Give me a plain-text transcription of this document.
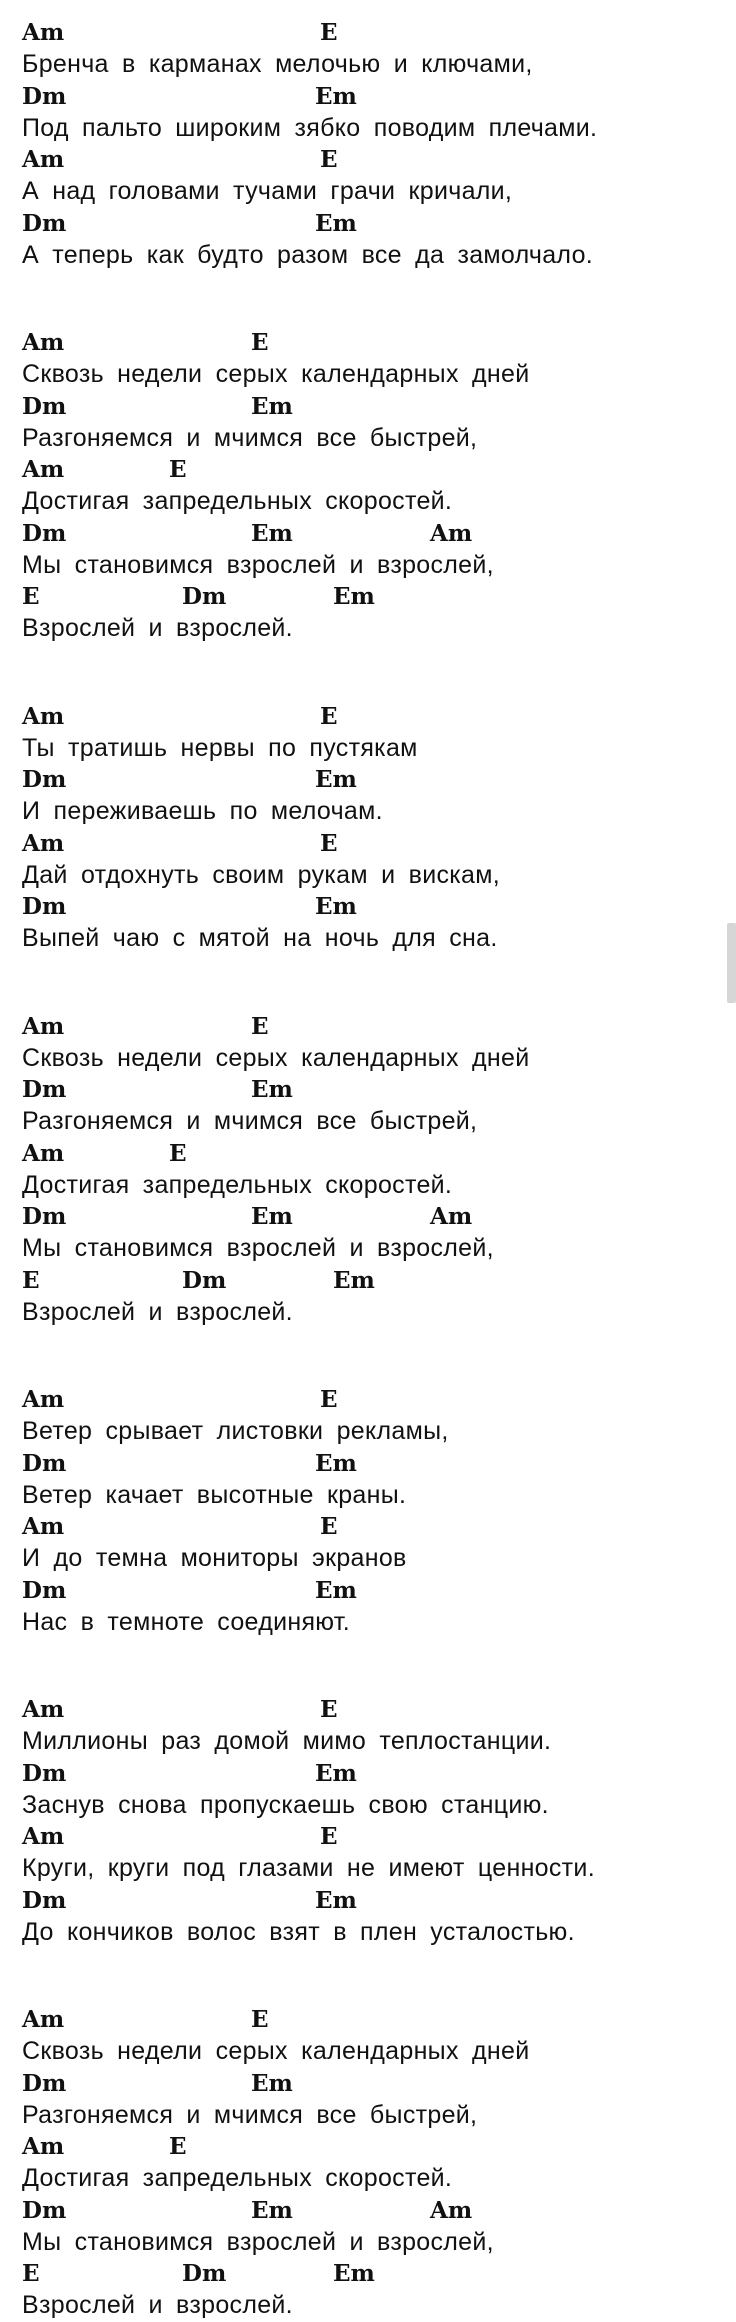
Am	E
Бренча в карманах мелочью и ключами,
Dm	Em
Под пальто широким зябко поводим плечами.
Am	E
А над головами тучами грачи кричали,
Dm	Em
А теперь как будто разом все да замолчало.
Am	E
Сквозь недели серых календарных дней
Dm	Em
Разгоняемся и мчимся все быстрей,
Am	E
Достигая запредельных скоростей.
Dm	Em	Am
Мы становимся взрослей и взрослей,
E	Dm	Em
Взрослей и взрослей.
Am	E
Ты тратишь нервы по пустякам
Dm	Em
И переживаешь по мелочам.
Am	E
Дай отдохнуть своим рукам и вискам,
Dm	Em
Выпей чаю с мятой на ночь для сна.
Am	E
Сквозь недели серых календарных дней
Dm	Em
Разгоняемся и мчимся все быстрей,
Am	E
Достигая запредельных скоростей.
Dm	Em	Am
Мы становимся взрослей и взрослей,
E	Dm	Em
Взрослей и взрослей.
Am	E
Ветер срывает листовки рекламы,
Dm	Em
Ветер качает высотные краны.
Am	E
И до темна мониторы экранов
Dm	Em
Нас в темноте соединяют.
Am	E
Миллионы раз домой мимо теплостанции.
Dm	Em
Заснув снова пропускаешь свою станцию.
Am	E
Круги, круги под глазами не имеют ценности.
Dm	Em
До кончиков волос взят в плен усталостью.
Am	E
Сквозь недели серых календарных дней
Dm	Em
Разгоняемся и мчимся все быстрей,
Am	E
Достигая запредельных скоростей.
Dm	Em	Am
Мы становимся взрослей и взрослей,
E	Dm	Em
Взрослей и взрослей.
